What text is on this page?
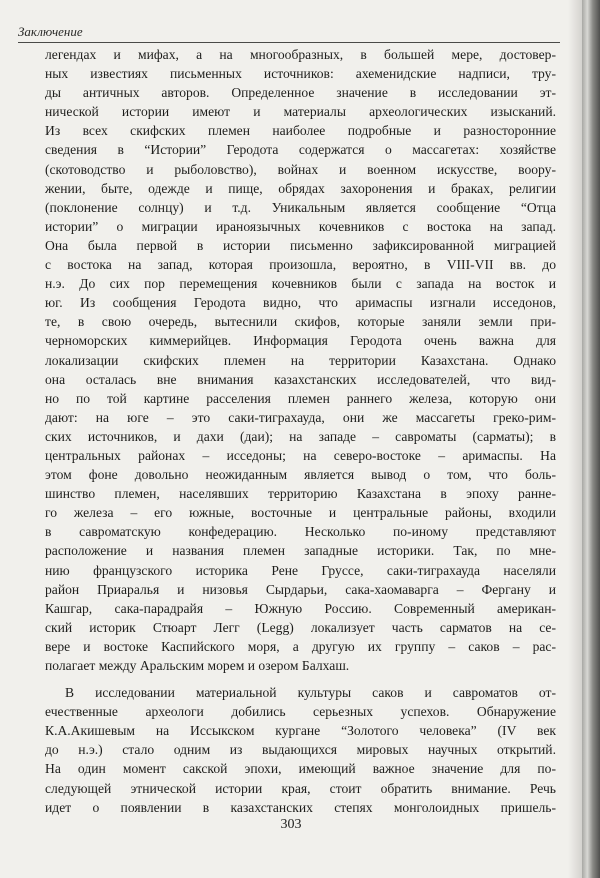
Заключение
легендах и мифах, а на многообразных, в большей мере, достовер-
ных известиях письменных источников: ахеменидские надписи, тру-
ды античных авторов. Определенное значение в исследовании эт-
нической истории имеют и материалы археологических изысканий.
Из всех скифских племен наиболее подробные и разносторонние
сведения в “Истории” Геродота содержатся о массагетах: хозяйстве
(скотоводство и рыболовство), войнах и военном искусстве, воору-
жении, быте, одежде и пище, обрядах захоронения и браках, религии
(поклонение солнцу) и т.д. Уникальным является сообщение “Отца
истории” о миграции ираноязычных кочевников с востока на запад.
Она была первой в истории письменно зафиксированной миграцией
с востока на запад, которая произошла, вероятно, в VIII-VII вв. до
н.э. До сих пор перемещения кочевников были с запада на восток и
юг. Из сообщения Геродота видно, что аримаспы изгнали исседонов,
те, в свою очередь, вытеснили скифов, которые заняли земли при-
черноморских киммерийцев. Информация Геродота очень важна для
локализации скифских племен на территории Казахстана. Однако
она осталась вне внимания казахстанских исследователей, что вид-
но по той картине расселения племен раннего железа, которую они
дают: на юге – это саки-тиграхауда, они же массагеты греко-рим-
ских источников, и дахи (даи); на западе – савроматы (сарматы); в
центральных районах – исседоны; на северо-востоке – аримаспы. На
этом фоне довольно неожиданным является вывод о том, что боль-
шинство племен, населявших территорию Казахстана в эпоху ранне-
го железа – его южные, восточные и центральные районы, входили
в савроматскую конфедерацию. Несколько по-иному представляют
расположение и названия племен западные историки. Так, по мне-
нию французского историка Рене Груссе, саки-тиграхауда населяли
район Приаралья и низовья Сырдарьи, сака-хаомаварга – Фергану и
Кашгар, сака-парадрайя – Южную Россию. Современный американ-
ский историк Стюарт Легг (Legg) локализует часть сарматов на се-
вере и востоке Каспийского моря, а другую их группу – саков – рас-
полагает между Аральским морем и озером Балхаш.
В исследовании материальной культуры саков и савроматов от-
ечественные археологи добились серьезных успехов. Обнаружение
К.А.Акишевым на Иссыкском кургане “Золотого человека” (IV век
до н.э.) стало одним из выдающихся мировых научных открытий.
На один момент сакской эпохи, имеющий важное значение для по-
следующей этнической истории края, стоит обратить внимание. Речь
идет о появлении в казахстанских степях монголоидных пришель-
303
